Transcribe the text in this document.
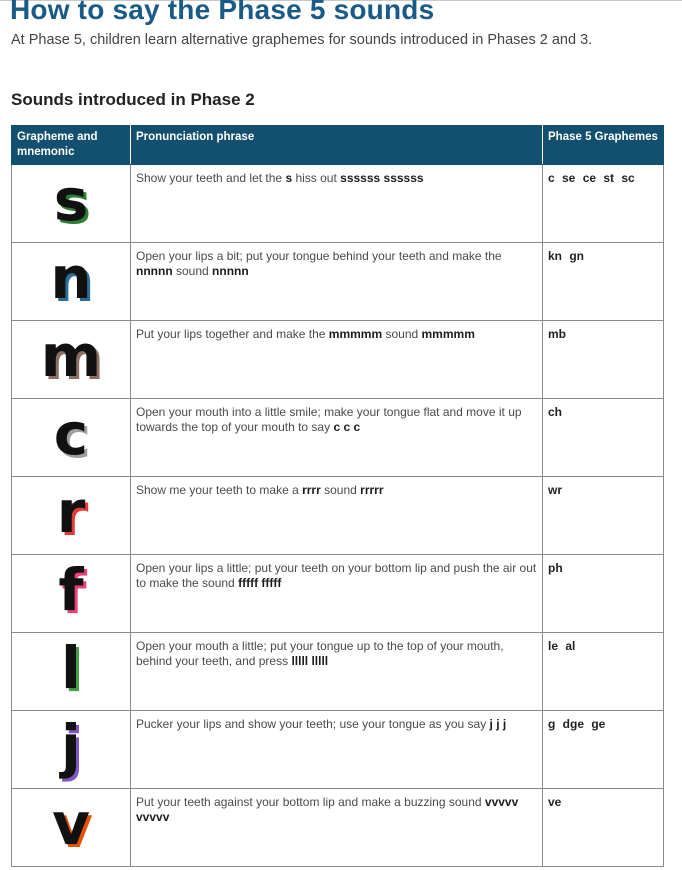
How to say the Phase 5 sounds
At Phase 5, children learn alternative graphemes for sounds introduced in Phases 2 and 3.
Sounds introduced in Phase 2
Grapheme and mnemonic	Pronunciation phrase	Phase 5 Graphemes

s	Show your teeth and let the s hiss out ssssss ssssss	c se ce st sc

n	Open your lips a bit; put your tongue behind your teeth and make the nnnnn sound nnnnn	kn gn

m	Put your lips together and make the mmmmm sound mmmmm	mb

c	Open your mouth into a little smile; make your tongue flat and move it up towards the top of your mouth to say c c c	ch

r	Show me your teeth to make a rrrr sound rrrrr	wr

f	Open your lips a little; put your teeth on your bottom lip and push the air out to make the sound fffff fffff	ph

l	Open your mouth a little; put your tongue up to the top of your mouth, behind your teeth, and press lllll lllll	le al

j	Pucker your lips and show your teeth; use your tongue as you say j j j	g dge ge

v	Put your teeth against your bottom lip and make a buzzing sound vvvvv vvvvv	ve
